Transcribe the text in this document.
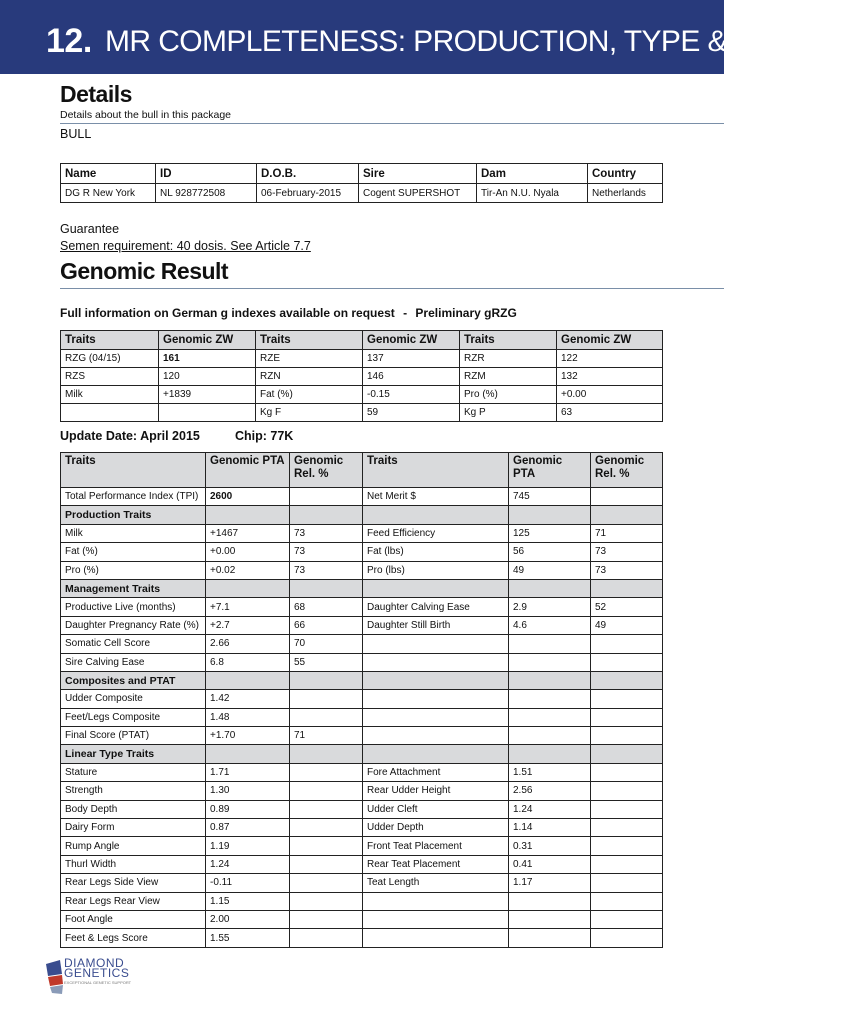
12. MR COMPLETENESS: PRODUCTION, TYPE & FITNESS!
Details
Details about the bull in this package
BULL
Name	ID	D.O.B.	Sire	Dam	Country
DG R New York	NL 928772508	06-February-2015	Cogent SUPERSHOT	Tir-An N.U. Nyala	Netherlands
Guarantee
Semen requirement: 40 dosis. See Article 7.7
Genomic Result
Full information on German g indexes available on request - Preliminary gRZG
Traits	Genomic ZW	Traits	Genomic ZW	Traits	Genomic ZW
RZG (04/15)	161	RZE	137	RZR	122
RZS	120	RZN	146	RZM	132
Milk	+1839	Fat (%)	-0.15	Pro (%)	+0.00
		Kg F	59	Kg P	63
Update Date: April 2015	Chip: 77K
Traits	Genomic PTA	Genomic Rel. %	Traits	Genomic PTA	Genomic Rel. %
Total Performance Index (TPI)	2600		Net Merit $	745	
Production Traits					
Milk	+1467	73	Feed Efficiency	125	71
Fat (%)	+0.00	73	Fat (lbs)	56	73
Pro (%)	+0.02	73	Pro (lbs)	49	73
Management Traits					
Productive Live (months)	+7.1	68	Daughter Calving Ease	2.9	52
Daughter Pregnancy Rate (%)	+2.7	66	Daughter Still Birth	4.6	49
Somatic Cell Score	2.66	70			
Sire Calving Ease	6.8	55			
Composites and PTAT					
Udder Composite	1.42				
Feet/Legs Composite	1.48				
Final Score (PTAT)	+1.70	71			
Linear Type Traits					
Stature	1.71		Fore Attachment	1.51	
Strength	1.30		Rear Udder Height	2.56	
Body Depth	0.89		Udder Cleft	1.24	
Dairy Form	0.87		Udder Depth	1.14	
Rump Angle	1.19		Front Teat Placement	0.31	
Thurl Width	1.24		Rear Teat Placement	0.41	
Rear Legs Side View	-0.11		Teat Length	1.17	
Rear Legs Rear View	1.15				
Foot Angle	2.00				
Feet & Legs Score	1.55				
DIAMOND
GENETICS
EXCEPTIONAL GENETIC SUPPORT
